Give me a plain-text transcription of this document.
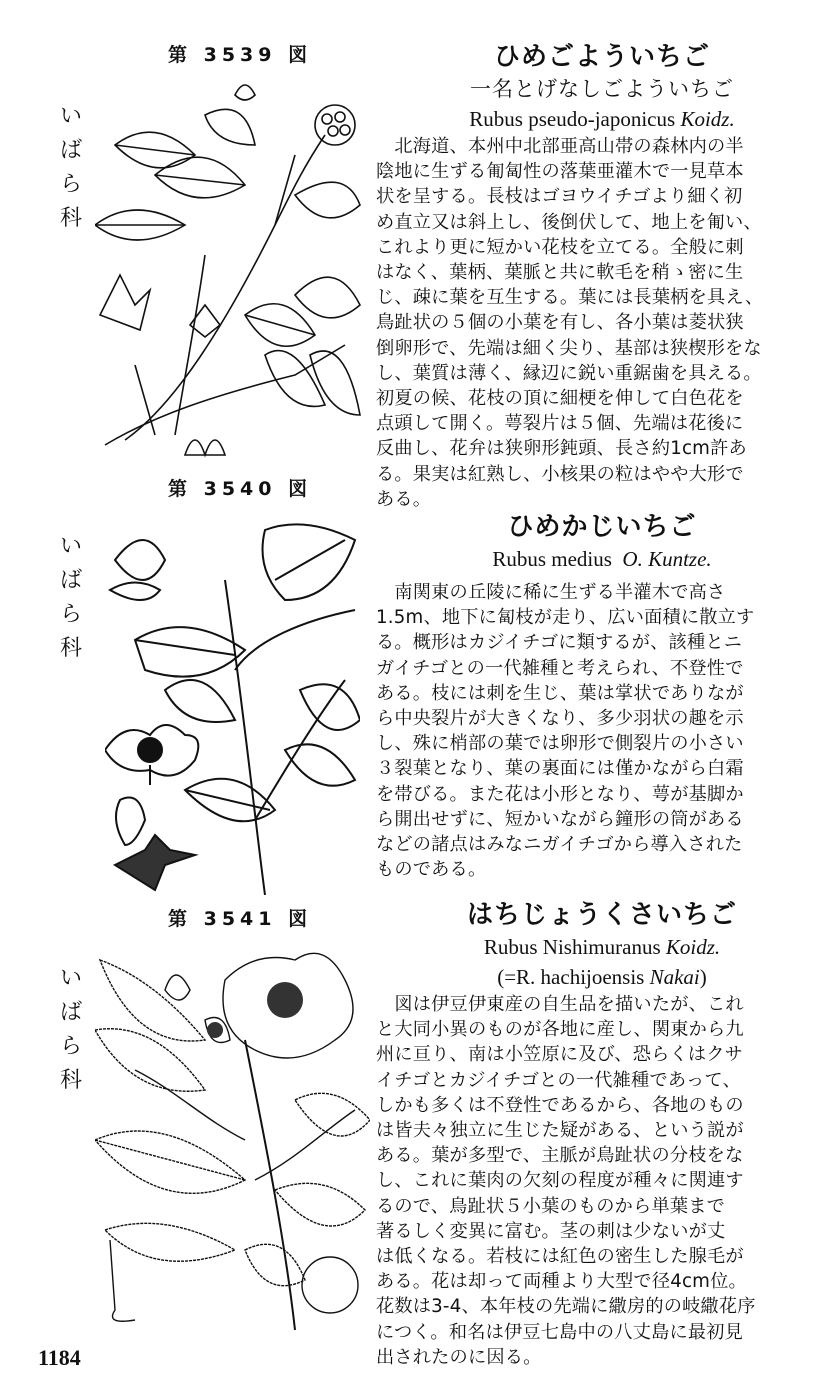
第 3539 図
い
ば
ら
科
第 3540 図
ひめごよういちご
一名とげなしごよういちご
Rubus pseudo-japonicus Koidz.
　北海道、本州中北部亜高山帯の森林内の半
陰地に生ずる匍匐性の落葉亜灌木で一見草本
状を呈する。長枝はゴヨウイチゴより細く初
め直立又は斜上し、後倒伏して、地上を匍い、
これより更に短かい花枝を立てる。全般に刺
はなく、葉柄、葉脈と共に軟毛を稍ゝ密に生
じ、疎に葉を互生する。葉には長葉柄を具え、
鳥趾状の５個の小葉を有し、各小葉は菱状狭
倒卵形で、先端は細く尖り、基部は狭楔形をな
し、葉質は薄く、縁辺に鋭い重鋸歯を具える。
初夏の候、花枝の頂に細梗を伸して白色花を
点頭して開く。萼裂片は５個、先端は花後に
反曲し、花弁は狭卵形鈍頭、長さ約1cm許あ
る。果実は紅熟し、小核果の粒はやや大形で
ある。
い
ば
ら
科
ひめかじいちご
Rubus medius O. Kuntze.
　南関東の丘陵に稀に生ずる半灌木で高さ
1.5m、地下に匐枝が走り、広い面積に散立す
る。概形はカジイチゴに類するが、該種とニ
ガイチゴとの一代雑種と考えられ、不登性で
ある。枝には刺を生じ、葉は掌状でありなが
ら中央裂片が大きくなり、多少羽状の趣を示
し、殊に梢部の葉では卵形で側裂片の小さい
３裂葉となり、葉の裏面には僅かながら白霜
を帯びる。また花は小形となり、萼が基脚か
ら開出せずに、短かいながら鐘形の筒がある
などの諸点はみなニガイチゴから導入された
ものである。
第 3541 図
い
ば
ら
科
はちじょうくさいちご
Rubus Nishimuranus Koidz.
(=R. hachijoensis Nakai)
　図は伊豆伊東産の自生品を描いたが、これ
と大同小異のものが各地に産し、関東から九
州に亘り、南は小笠原に及び、恐らくはクサ
イチゴとカジイチゴとの一代雑種であって、
しかも多くは不登性であるから、各地のもの
は皆夫々独立に生じた疑がある、という説が
ある。葉が多型で、主脈が鳥趾状の分枝をな
し、これに葉肉の欠刻の程度が種々に関連す
るので、鳥趾状５小葉のものから単葉まで
著るしく変異に富む。茎の刺は少ないが丈
は低くなる。若枝には紅色の密生した腺毛が
ある。花は却って両種より大型で径4cm位。
花数は3-4、本年枝の先端に繖房的の岐繖花序
につく。和名は伊豆七島中の八丈島に最初見
出されたのに因る。
1184
